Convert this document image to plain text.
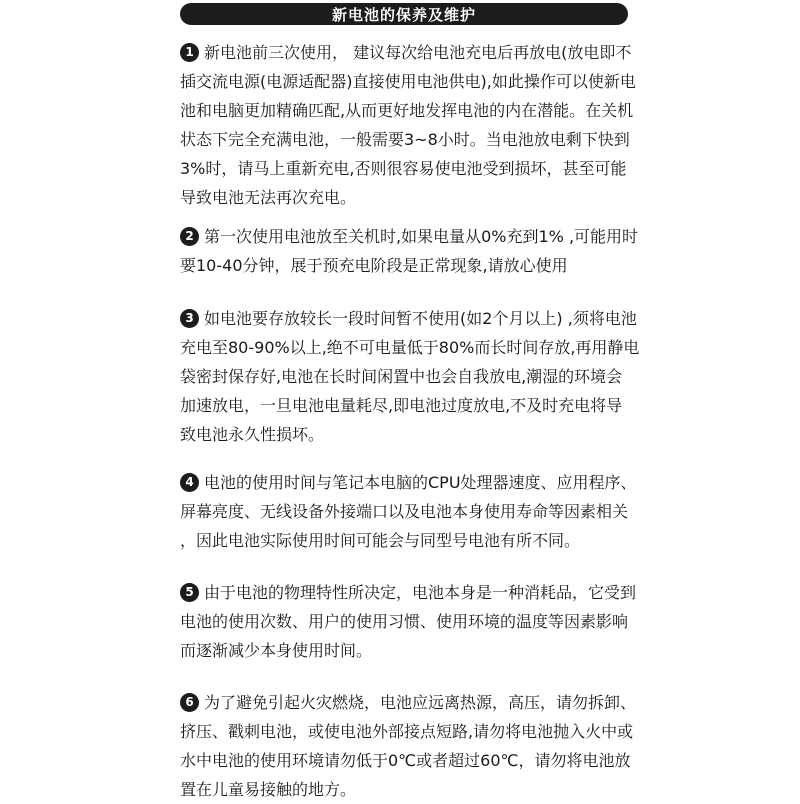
新电池的保养及维护
1 新电池前三次使用， 建议每次给电池充电后再放电(放电即不
插交流电源(电源适配器)直接使用电池供电),如此操作可以使新电
池和电脑更加精确匹配,从而更好地发挥电池的内在潜能。在关机
状态下完全充满电池，一般需要3~8小时。当电池放电剩下快到
3%时，请马上重新充电,否则很容易使电池受到损坏，甚至可能
导致电池无法再次充电。
2 第一次使用电池放至关机时,如果电量从0%充到1% ,可能用时
要10-40分钟，展于预充电阶段是正常现象,请放心使用
3 如电池要存放较长一段时间暂不使用(如2个月以上) ,须将电池
充电至80-90%以上,绝不可电量低于80%而长时间存放,再用静电
袋密封保存好,电池在长时间闲置中也会自我放电,潮湿的环境会
加速放电，一旦电池电量耗尽,即电池过度放电,不及时充电将导
致电池永久性损坏。
4 电池的使用时间与笔记本电脑的CPU处理器速度、应用程序、
屏幕亮度、无线设备外接端口以及电池本身使用寿命等因素相关
，因此电池实际使用时间可能会与同型号电池有所不同。
5 由于电池的物理特性所决定，电池本身是一种消耗品，它受到
电池的使用次数、用户的使用习惯、使用环境的温度等因素影响
而逐渐减少本身使用时间。
6 为了避免引起火灾燃烧，电池应远离热源，高压，请勿拆卸、
挤压、戳刺电池，或使电池外部接点短路,请勿将电池抛入火中或
水中电池的使用环境请勿低于0℃或者超过60℃，请勿将电池放
置在儿童易接触的地方。
